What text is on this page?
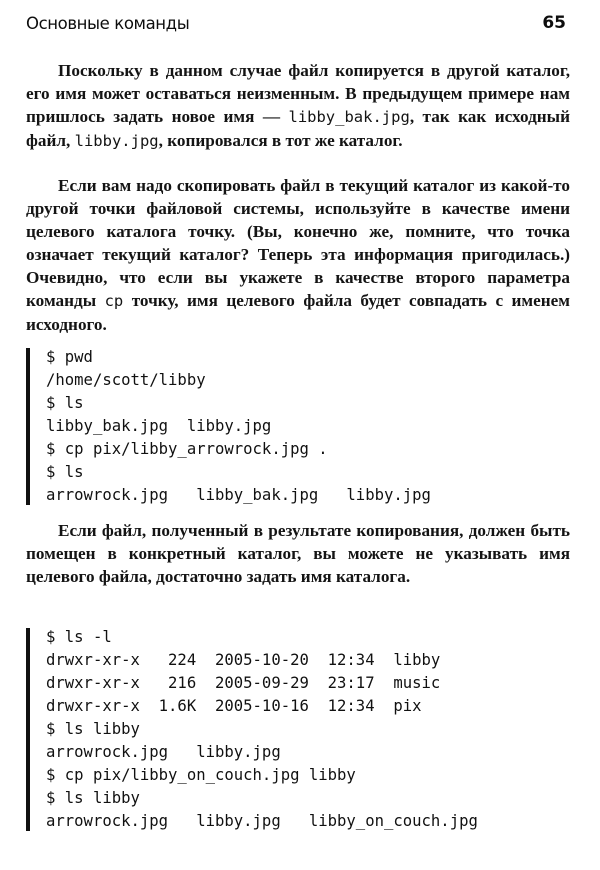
Основные команды	65

Поскольку в данном случае файл копируется в другой каталог, его имя может оставаться неизменным. В предыдущем примере нам пришлось задать новое имя — libby_bak.jpg, так как исходный файл, libby.jpg, копировался в тот же каталог.

Если вам надо скопировать файл в текущий каталог из какой-то другой точки файловой системы, используйте в качестве имени целевого каталога точку. (Вы, конечно же, помните, что точка означает текущий каталог? Теперь эта информация пригодилась.) Очевидно, что если вы укажете в качестве второго параметра команды cp точку, имя целевого файла будет совпадать с именем исходного.

$ pwd
/home/scott/libby
$ ls
libby_bak.jpg  libby.jpg
$ cp pix/libby_arrowrock.jpg .
$ ls
arrowrock.jpg   libby_bak.jpg   libby.jpg

Если файл, полученный в результате копирования, должен быть помещен в конкретный каталог, вы можете не указывать имя целевого файла, достаточно задать имя каталога.

$ ls -l
drwxr-xr-x   224  2005-10-20  12:34  libby
drwxr-xr-x   216  2005-09-29  23:17  music
drwxr-xr-x  1.6K  2005-10-16  12:34  pix
$ ls libby
arrowrock.jpg   libby.jpg
$ cp pix/libby_on_couch.jpg libby
$ ls libby
arrowrock.jpg   libby.jpg   libby_on_couch.jpg
